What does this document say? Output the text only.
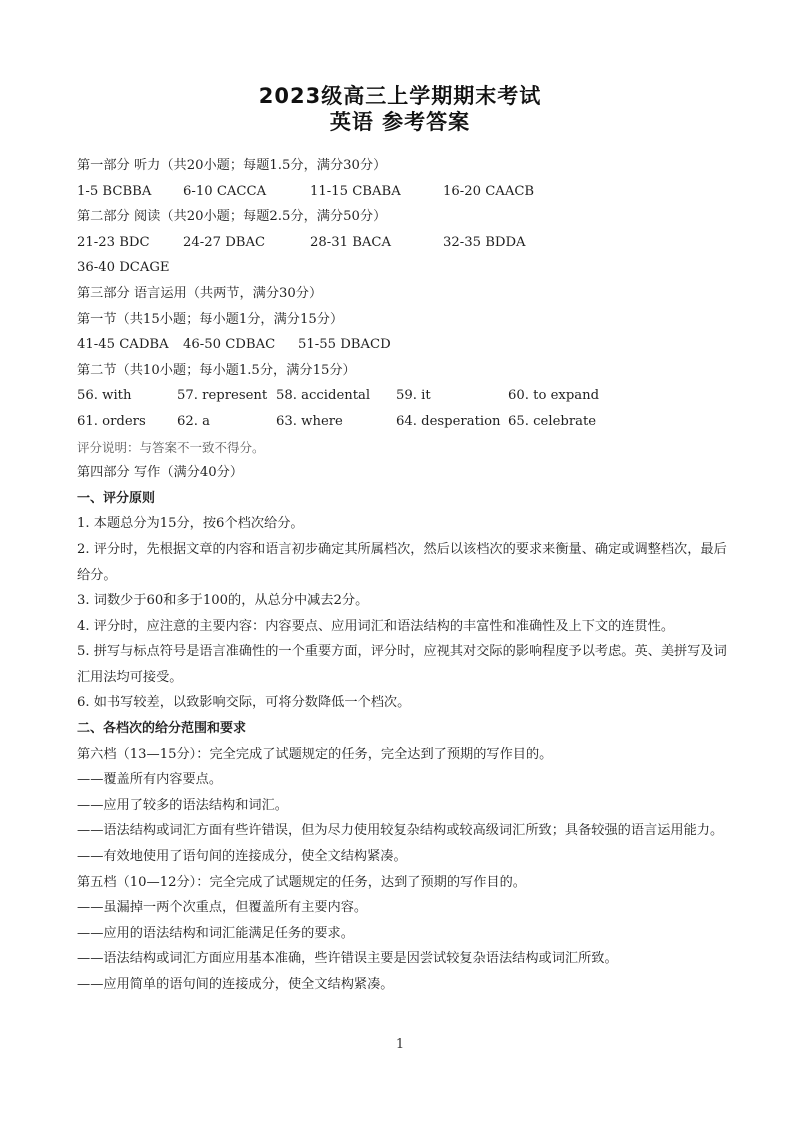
2023级高三上学期期末考试
英语 参考答案
第一部分 听力（共20小题；每题1.5分，满分30分）
1-5 BCBBA	6-10 CACCA	11-15 CBABA	16-20 CAACB
第二部分 阅读（共20小题；每题2.5分，满分50分）
21-23 BDC	24-27 DBAC	28-31 BACA	32-35 BDDA
36-40 DCAGE
第三部分 语言运用（共两节，满分30分）
第一节（共15小题；每小题1分，满分15分）
41-45 CADBA	46-50 CDBAC	51-55 DBACD
第二节（共10小题；每小题1.5分，满分15分）
56. with	57. represent 58. accidental	59. it	60. to expand
61. orders	62. a	63. where	64. desperation 65. celebrate
评分说明：与答案不一致不得分。
第四部分 写作（满分40分）
一、评分原则
1. 本题总分为15分，按6个档次给分。
2. 评分时，先根据文章的内容和语言初步确定其所属档次，然后以该档次的要求来衡量、确定或调整档次，最后给分。
3. 词数少于60和多于100的，从总分中减去2分。
4. 评分时，应注意的主要内容：内容要点、应用词汇和语法结构的丰富性和准确性及上下文的连贯性。
5. 拼写与标点符号是语言准确性的一个重要方面，评分时，应视其对交际的影响程度予以考虑。英、美拼写及词汇用法均可接受。
6. 如书写较差，以致影响交际，可将分数降低一个档次。
二、各档次的给分范围和要求
第六档（13—15分）：完全完成了试题规定的任务，完全达到了预期的写作目的。
——覆盖所有内容要点。
——应用了较多的语法结构和词汇。
——语法结构或词汇方面有些许错误，但为尽力使用较复杂结构或较高级词汇所致；具备较强的语言运用能力。
——有效地使用了语句间的连接成分，使全文结构紧凑。
第五档（10—12分）：完全完成了试题规定的任务，达到了预期的写作目的。
——虽漏掉一两个次重点，但覆盖所有主要内容。
——应用的语法结构和词汇能满足任务的要求。
——语法结构或词汇方面应用基本准确，些许错误主要是因尝试较复杂语法结构或词汇所致。
——应用简单的语句间的连接成分，使全文结构紧凑。
1
